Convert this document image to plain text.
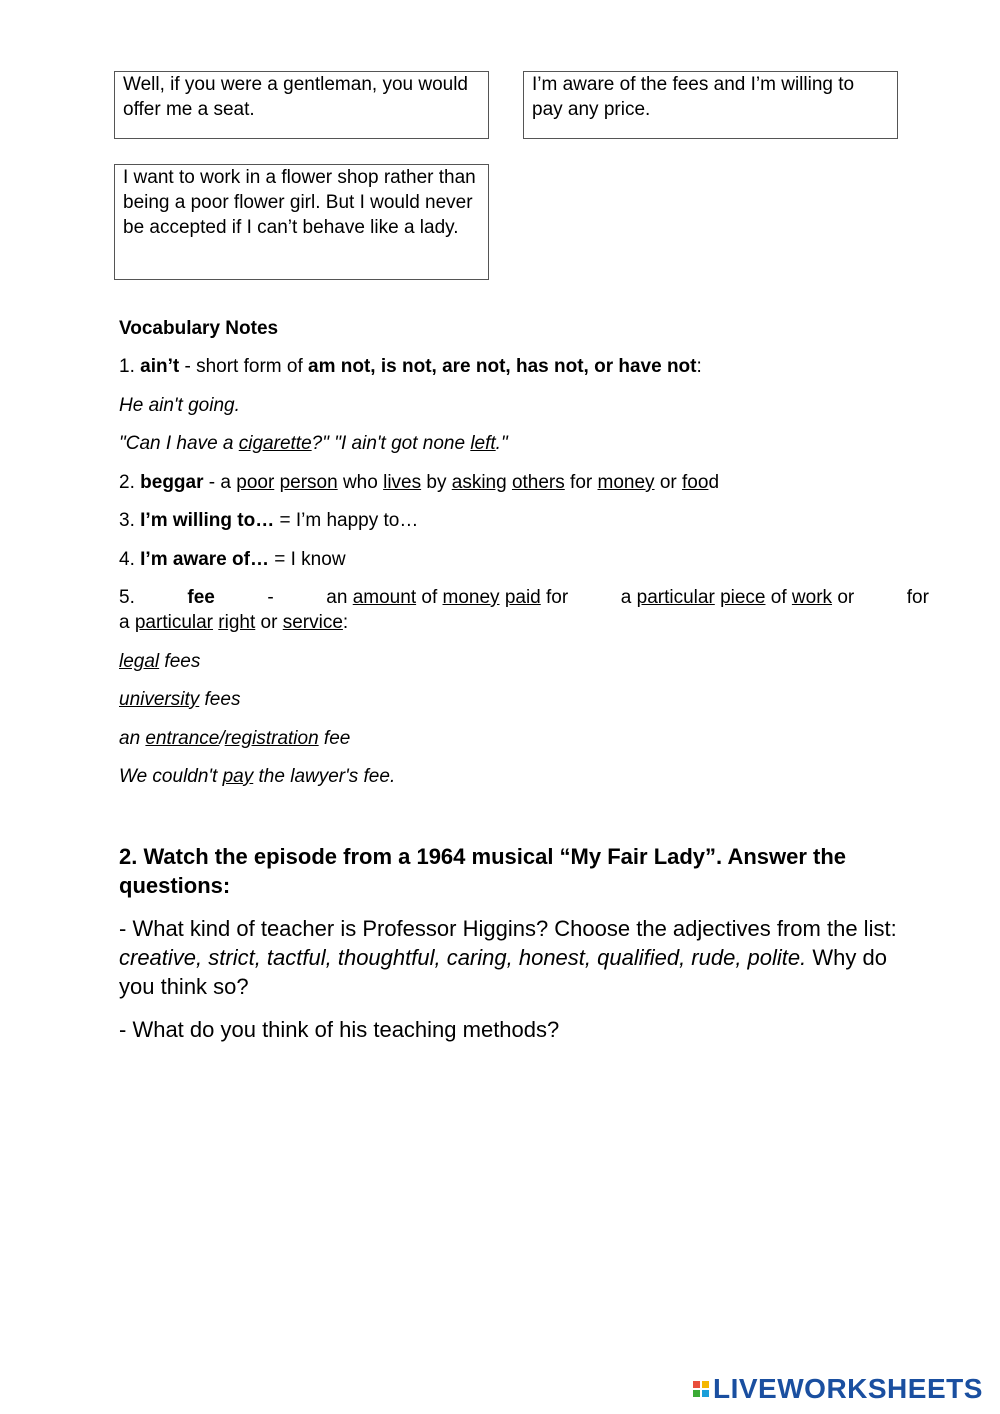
Well, if you were a gentleman, you would offer me a seat.
I’m aware of the fees and I’m willing to pay any price.
I want to work in a flower shop rather than being a poor flower girl. But I would never be accepted if I can’t behave like a lady.
Vocabulary Notes
1. ain’t - short form of am not, is not, are not, has not, or have not:
He ain't going.
"Can I have a cigarette?" "I ain't got none left."
2. beggar - a poor person who lives by asking others for money or food
3. I’m willing to… = I’m happy to…
4. I’m aware of… = I know
5.	fee	-	an amount of money paid for	a particular piece of work or	for
a particular right or service:
legal fees
university fees
an entrance/registration fee
We couldn't pay the lawyer's fee.
2. Watch the episode from a 1964 musical “My Fair Lady”. Answer the questions:
- What kind of teacher is Professor Higgins? Choose the adjectives from the list: creative, strict, tactful, thoughtful, caring, honest, qualified, rude, polite. Why do you think so?
- What do you think of his teaching methods?
LIVEWORKSHEETS
